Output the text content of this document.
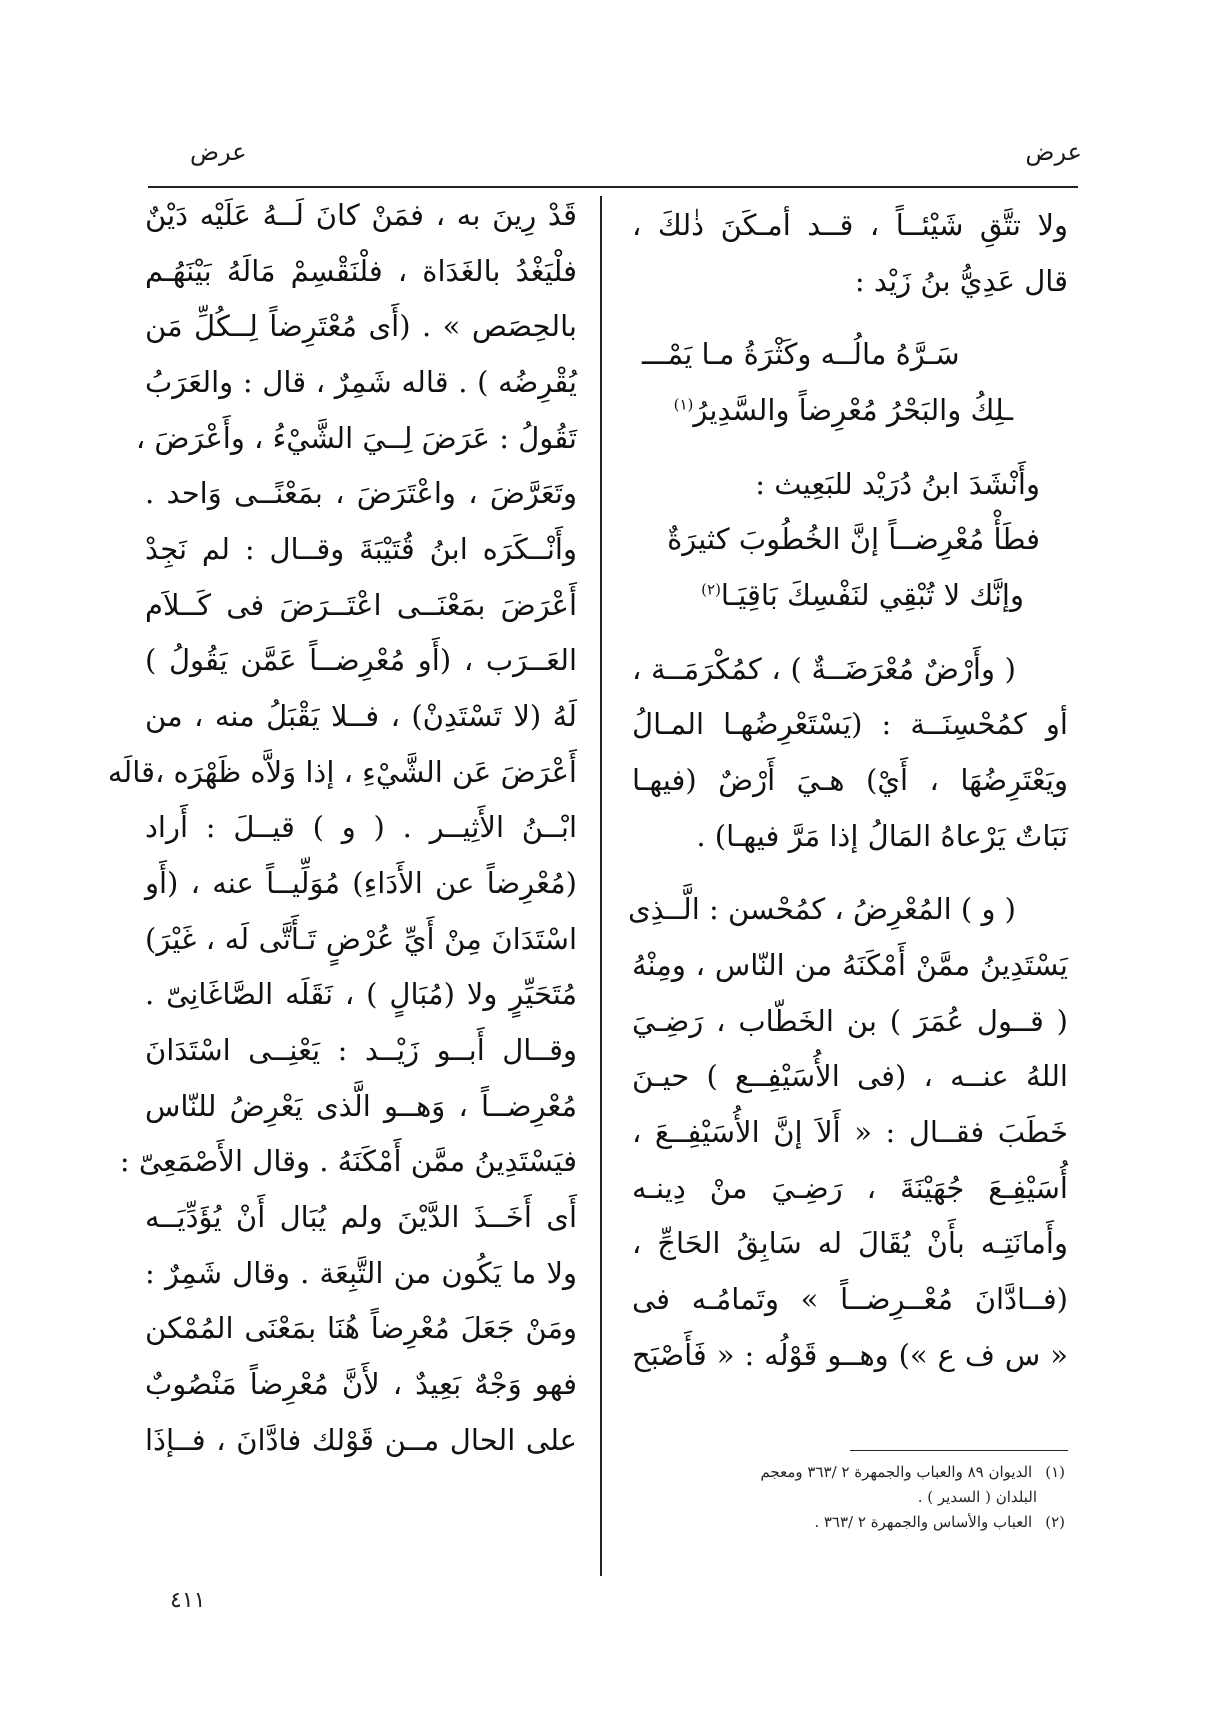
عرض
عرض
ولا تتَّقِ شَيْئــاً ، قــد أمـكَنَ ذٰلكَ ،
قال عَدِيُّ بنُ زَيْد :
سَـرَّهُ مالُــه وكَثْرَةُ مـا يَمْـــ
ـلِكُ والبَحْرُ مُعْرِضاً والسَّدِيرُ$^{(١)}$
وأَنْشَدَ ابنُ دُرَيْد للبَعِيث :
فطَأْ مُعْرِضــاً إنَّ الخُطُوبَ كثيرَةٌ
وإنَّك لا تُبْقِي لنَفْسِكَ بَاقِيَـا$^{(٢)}$
( وأَرْضٌ مُعْرَضَــةٌ ) ، كمُكْرَمَــة ،
أو كمُحْسِنَــة : (يَسْتَعْرِضُهـا المـالُ
ويَعْتَرِضُهَا ، أَيْ) هـيَ أَرْضٌ (فيهـا
نَبَاتٌ يَرْعاهُ المَالُ إذا مَرَّ فيهـا) .
( و ) المُعْرِضُ ، كمُحْسن : الَّــذِى
يَسْتَدِينُ ممَّنْ أَمْكَنَهُ من النّاس ، ومِنْهُ
( قــول عُمَرَ ) بن الخَطّاب ، رَضِـيَ
اللهُ عنــه ، (فى الأُسَيْفِــع ) حيـنَ
خَطَبَ فقــال : « أَلاَ إنَّ الأُسَيْفِــعَ ،
أُسَيْفِـعَ جُهَيْنَةَ ، رَضِـيَ منْ دِينـه
وأَمانَتِـه بأَنْ يُقَالَ له سَابِقُ الحَاجِّ ،
(فــادَّانَ مُعْــرِضــاً » وتَمامُـه فى
« س ف ع ») وهــو قَوْلُه : « فَأَصْبَح
(١) الديوان ٨٩ والعباب والجمهرة ٢ /٣٦٣ ومعجم
البلدان ( السدير ) .
(٢) العباب والأساس والجمهرة ٢ /٣٦٣ .
قَدْ رِينَ به ، فمَنْ كانَ لَــهُ عَلَيْه دَيْنٌ
فلْيَغْدُ بالغَدَاة ، فلْنَقْسِمْ مَالَهُ بَيْنَهُـم
بالحِصَص » . (أَى مُعْتَرِضاً لِــكُلِّ مَن
يُقْرِضُه ) . قاله شَمِرٌ ، قال : والعَرَبُ
تَقُولُ : عَرَضَ لِــيَ الشَّيْءُ ، وأَعْرَضَ ،
وتَعَرَّضَ ، واعْتَرَضَ ، بمَعْنًــى وَاحد .
وأَنْــكَرَه ابنُ قُتَيْبَةَ وقــال : لم نَجِدْ
أَعْرَضَ بمَعْنَــى اعْتَــرَضَ فى كَــلاَم
العَــرَب ، (أَو مُعْرِضــاً عَمَّن يَقُولُ )
لَهُ (لا تَسْتَدِنْ) ، فــلا يَقْبَلُ منه ، من
أَعْرَضَ عَن الشَّيْءِ ، إذا وَلاَّه ظَهْرَه ،قالَه
ابْــنُ الأَثِيــر . ( و ) قيــلَ : أَراد
(مُعْرِضاً عن الأَدَاءِ) مُوَلِّيــاً عنه ، (أَو
اسْتَدَانَ مِنْ أَيِّ عُرْضٍ تَـأَتَّى لَه ، غَيْرَ)
مُتَحَيِّرٍ ولا (مُبَالٍ ) ، نَقَلَه الصَّاغَانِىّ .
وقــال أَبــو زَيْــد : يَعْنِــى اسْتَدَانَ
مُعْرِضــاً ، وَهــو الَّذى يَعْرِضُ للنّاس
فيَسْتَدِينُ ممَّن أَمْكَنَهُ . وقال الأَصْمَعِىّ :
أَى أَخَــذَ الدَّيْنَ ولم يُبَال أَنْ يُؤَدِّيَــه
ولا ما يَكُون من التَّبِعَة . وقال شَمِرٌ :
ومَنْ جَعَلَ مُعْرِضاً هُنَا بمَعْنَى المُمْكن
فهو وَجْهٌ بَعِيدٌ ، لأَنَّ مُعْرِضاً مَنْصُوبٌ
على الحال مــن قَوْلك فادَّانَ ، فــإذَا
٤١١
